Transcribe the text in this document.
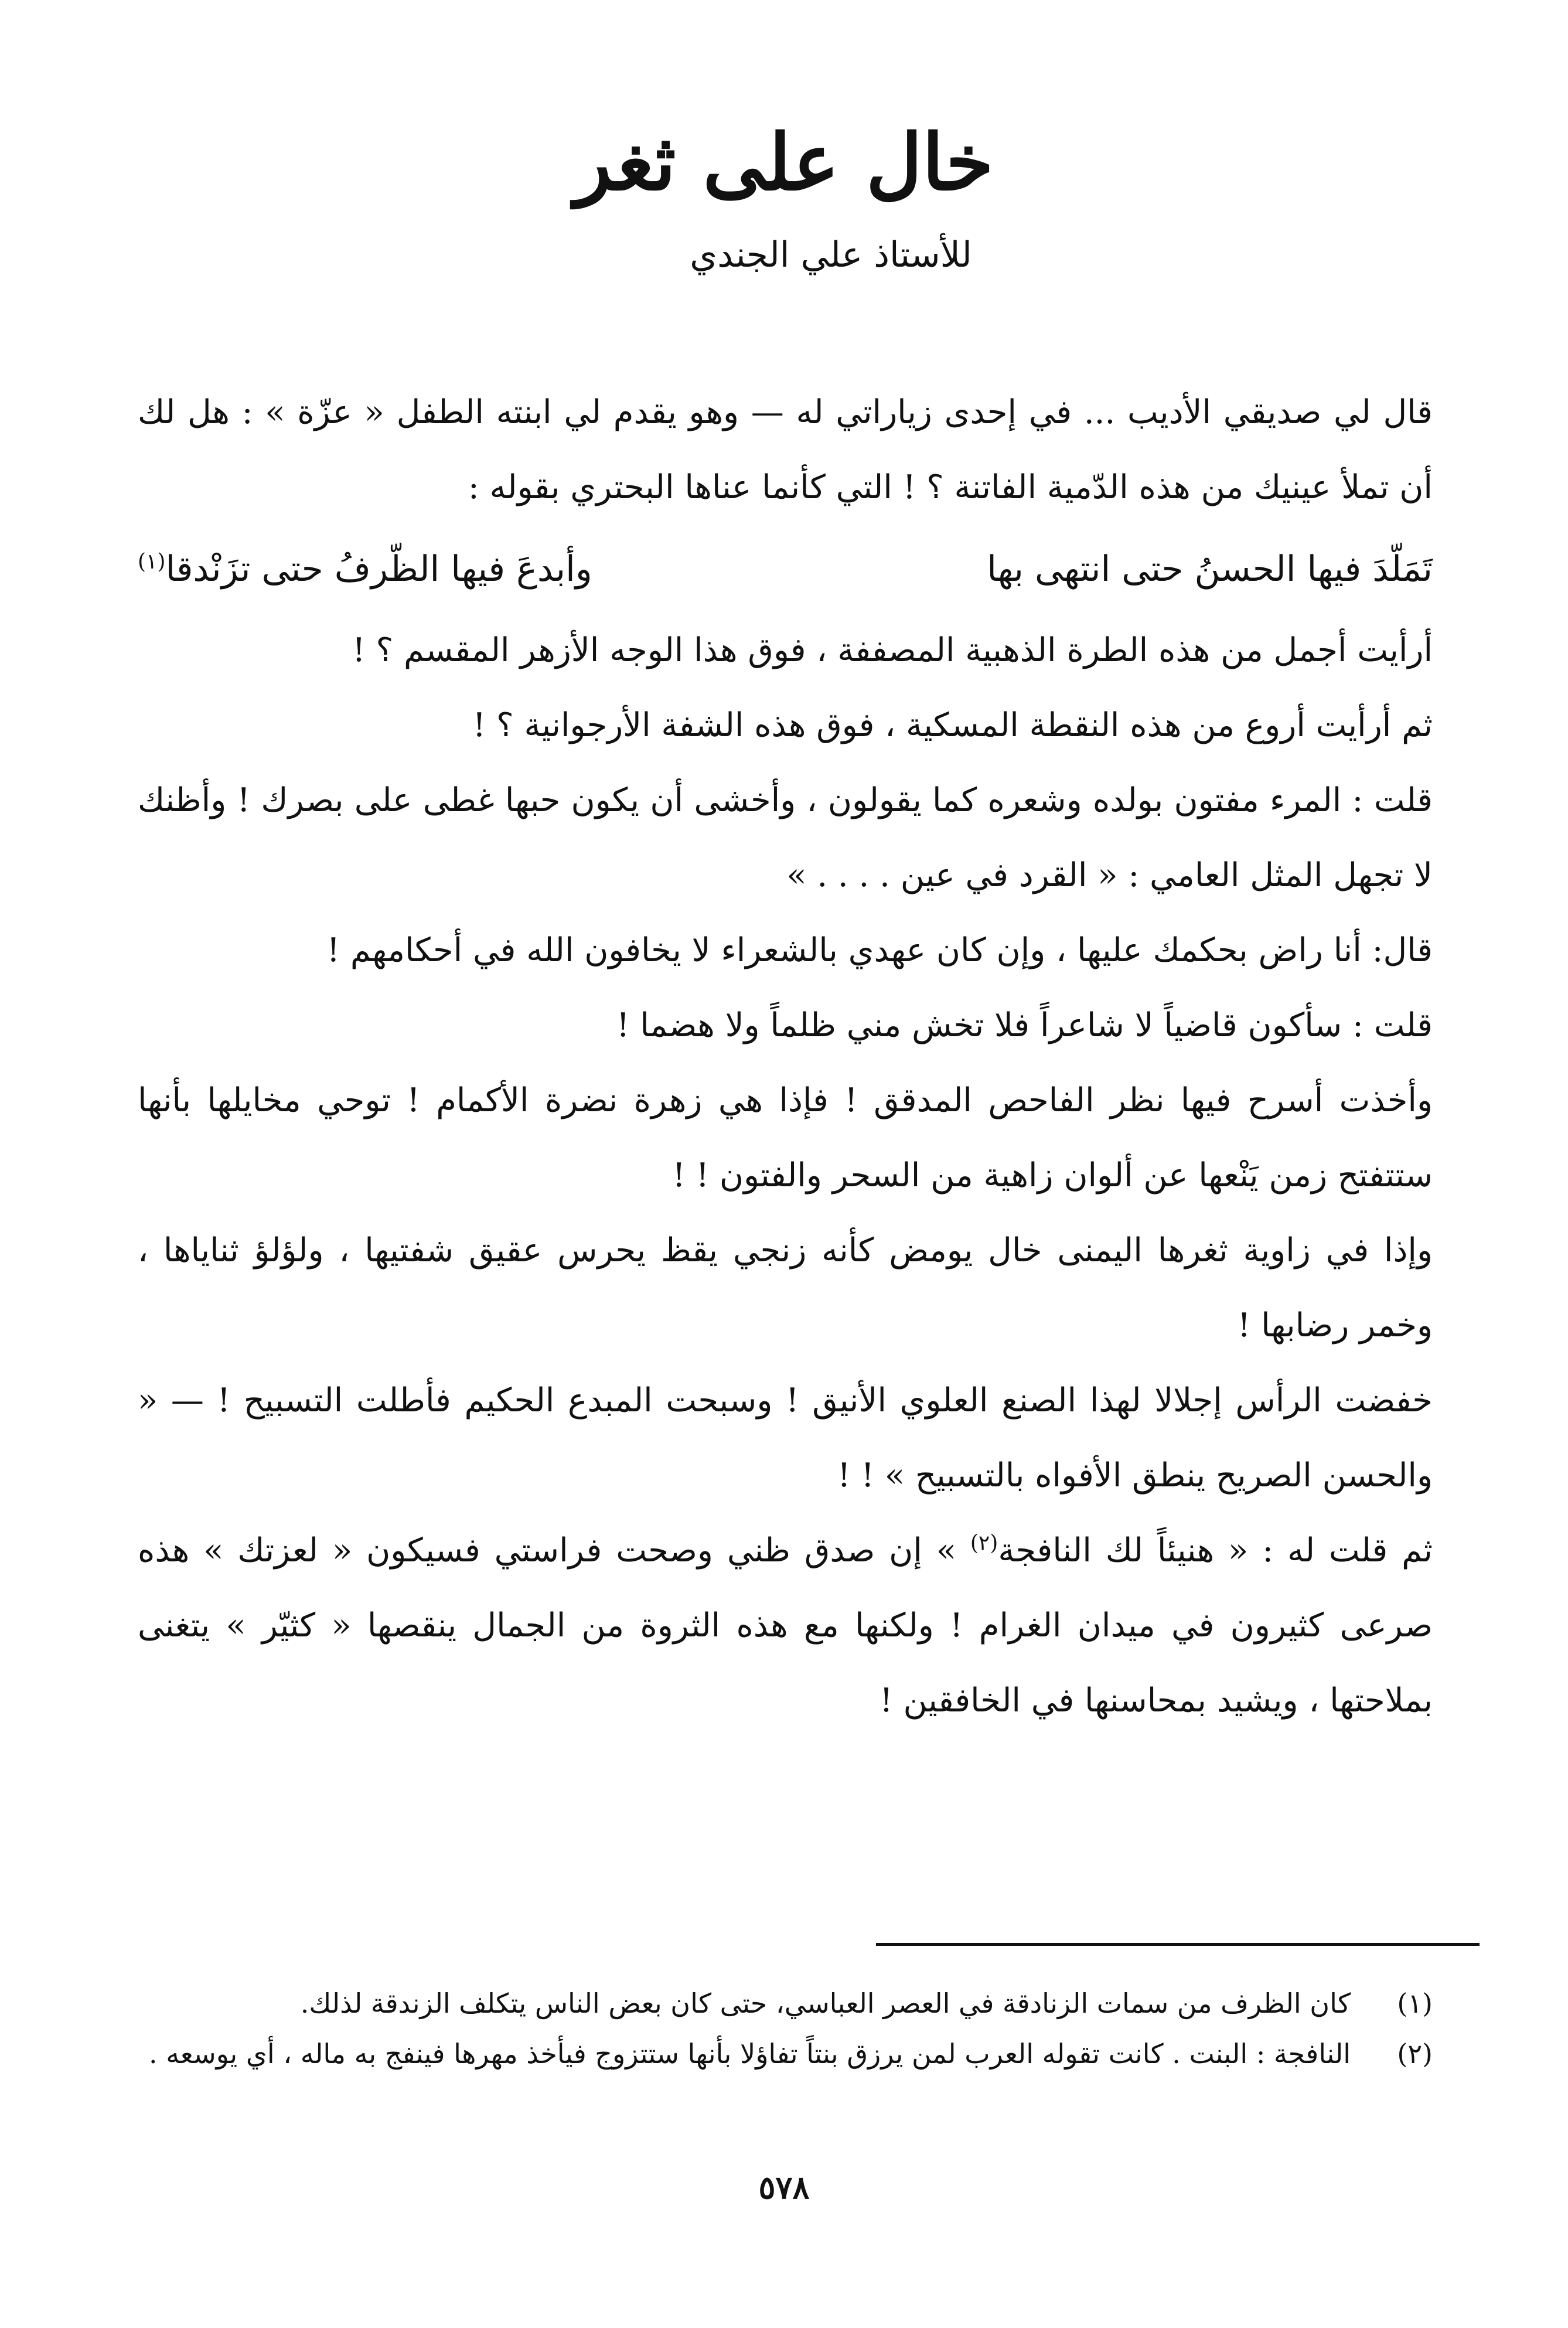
خال على ثغر
للأستاذ علي الجندي

قال لي صديقي الأديب ... في إحدى زياراتي له — وهو يقدم لي ابنته الطفل « عزّة » : هل لك أن تملأ عينيك من هذه الدّمية الفاتنة ؟ ! التي كأنما عناها البحتري بقوله :

تَمَلّدَ فيها الحسنُ حتى انتهى بها
وأبدعَ فيها الظّرفُ حتى تزَنْدقا$^{(١)}$

أرأيت أجمل من هذه الطرة الذهبية المصففة ، فوق هذا الوجه الأزهر المقسم ؟ !

ثم أرأيت أروع من هذه النقطة المسكية ، فوق هذه الشفة الأرجوانية ؟ !

قلت : المرء مفتون بولده وشعره كما يقولون ، وأخشى أن يكون حبها غطى على بصرك ! وأظنك لا تجهل المثل العامي : « القرد في عين . . . . »

قال: أنا راض بحكمك عليها ، وإن كان عهدي بالشعراء لا يخافون الله في أحكامهم !

قلت : سأكون قاضياً لا شاعراً فلا تخش مني ظلماً ولا هضما !

وأخذت أسرح فيها نظر الفاحص المدقق ! فإذا هي زهرة نضرة الأكمام ! توحي مخايلها بأنها ستتفتح زمن يَنْعها عن ألوان زاهية من السحر والفتون ! !

وإذا في زاوية ثغرها اليمنى خال يومض كأنه زنجي يقظ يحرس عقيق شفتيها ، ولؤلؤ ثناياها ، وخمر رضابها !

خفضت الرأس إجلالا لهذا الصنع العلوي الأنيق ! وسبحت المبدع الحكيم فأطلت التسبيح ! — « والحسن الصريح ينطق الأفواه بالتسبيح » ! !

ثم قلت له : « هنيئاً لك النافجة$^{(٢)}$ » إن صدق ظني وصحت فراستي فسيكون « لعزتك » هذه صرعى كثيرون في ميدان الغرام ! ولكنها مع هذه الثروة من الجمال ينقصها « كثيّر » يتغنى بملاحتها ، ويشيد بمحاسنها في الخافقين !

(١)كان الظرف من سمات الزنادقة في العصر العباسي، حتى كان بعض الناس يتكلف الزندقة لذلك.

(٢)النافجة : البنت . كانت تقوله العرب لمن يرزق بنتاً تفاؤلا بأنها ستتزوج فيأخذ مهرها فينفج به ماله ، أي يوسعه .

٥٧٨
